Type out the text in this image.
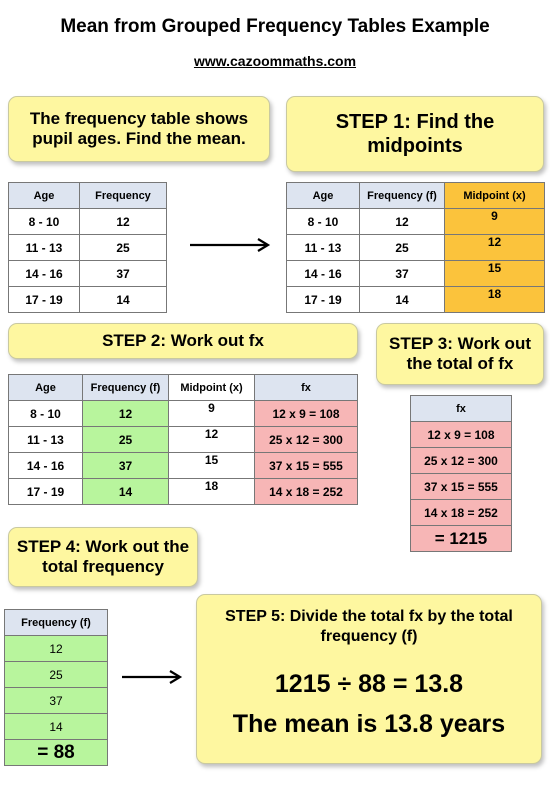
Mean from Grouped Frequency Tables Example
www.cazoommaths.com
The frequency table shows pupil ages. Find the mean.
STEP 1: Find the midpoints
Age	Frequency
8 - 10	12
11 - 13	25
14 - 16	37
17 - 19	14
Age	Frequency (f)	Midpoint (x)
8 - 10	12	9
11 - 13	25	12
14 - 16	37	15
17 - 19	14	18
STEP 2: Work out fx	STEP 3: Work out the total of fx
Age	Frequency (f)	Midpoint (x)	fx
8 - 10	12	9	12 x 9 = 108
11 - 13	25	12	25 x 12 = 300
14 - 16	37	15	37 x 15 = 555
17 - 19	14	18	14 x 18 = 252
fx
12 x 9 = 108
25 x 12 = 300
37 x 15 = 555
14 x 18 = 252
= 1215
STEP 4: Work out the total frequency
Frequency (f)
12
25
37
14
= 88
STEP 5: Divide the total fx by the total frequency (f)
1215 ÷ 88 = 13.8
The mean is 13.8 years
